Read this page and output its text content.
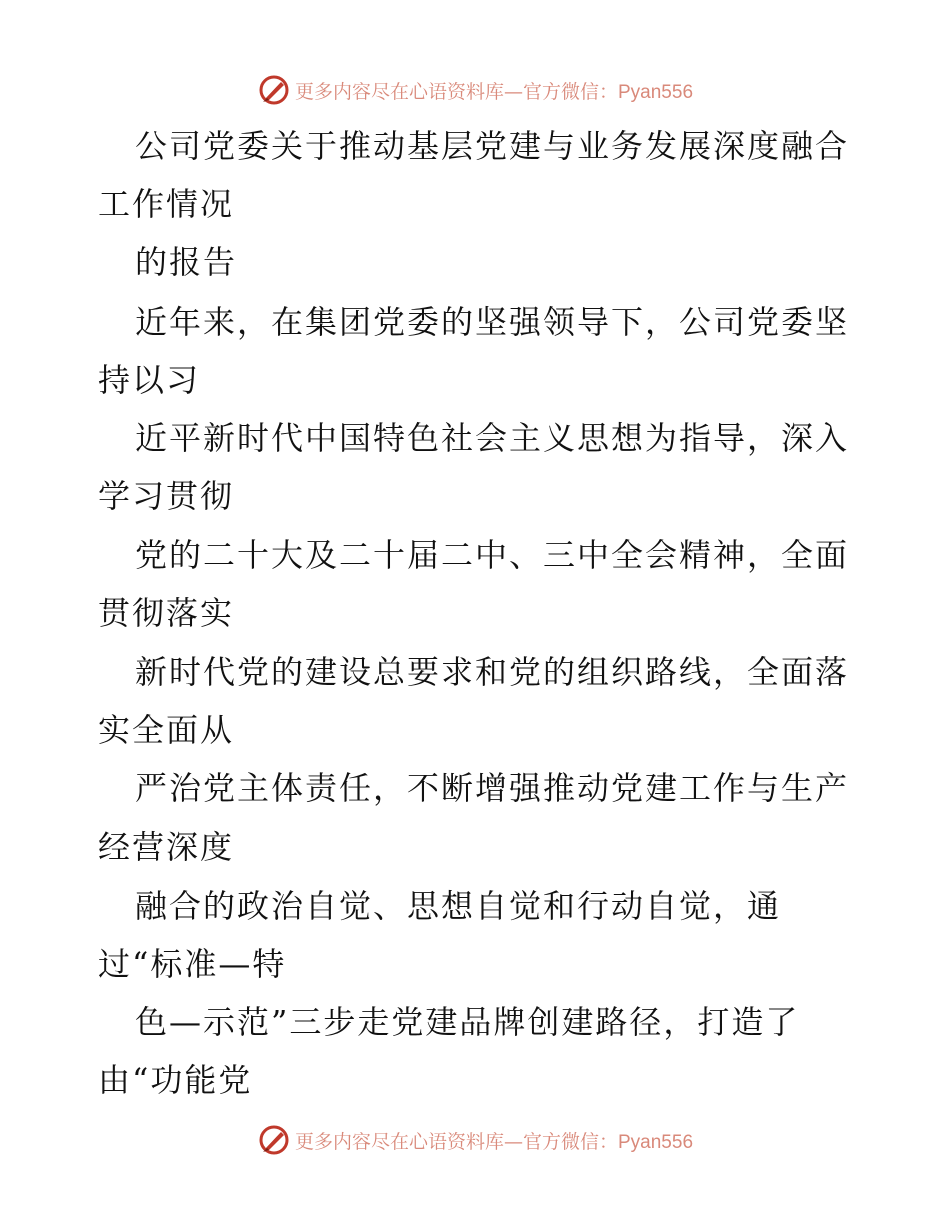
更多内容尽在心语资料库—官方微信：Pyan556
公司党委关于推动基层党建与业务发展深度融合
工作情况
的报告
近年来，在集团党委的坚强领导下，公司党委坚
持以习
近平新时代中国特色社会主义思想为指导，深入
学习贯彻
党的二十大及二十届二中、三中全会精神，全面
贯彻落实
新时代党的建设总要求和党的组织路线，全面落
实全面从
严治党主体责任，不断增强推动党建工作与生产
经营深度
融合的政治自觉、思想自觉和行动自觉，通
过“标准—特
色—示范”三步走党建品牌创建路径，打造了
由“功能党
更多内容尽在心语资料库—官方微信：Pyan556
